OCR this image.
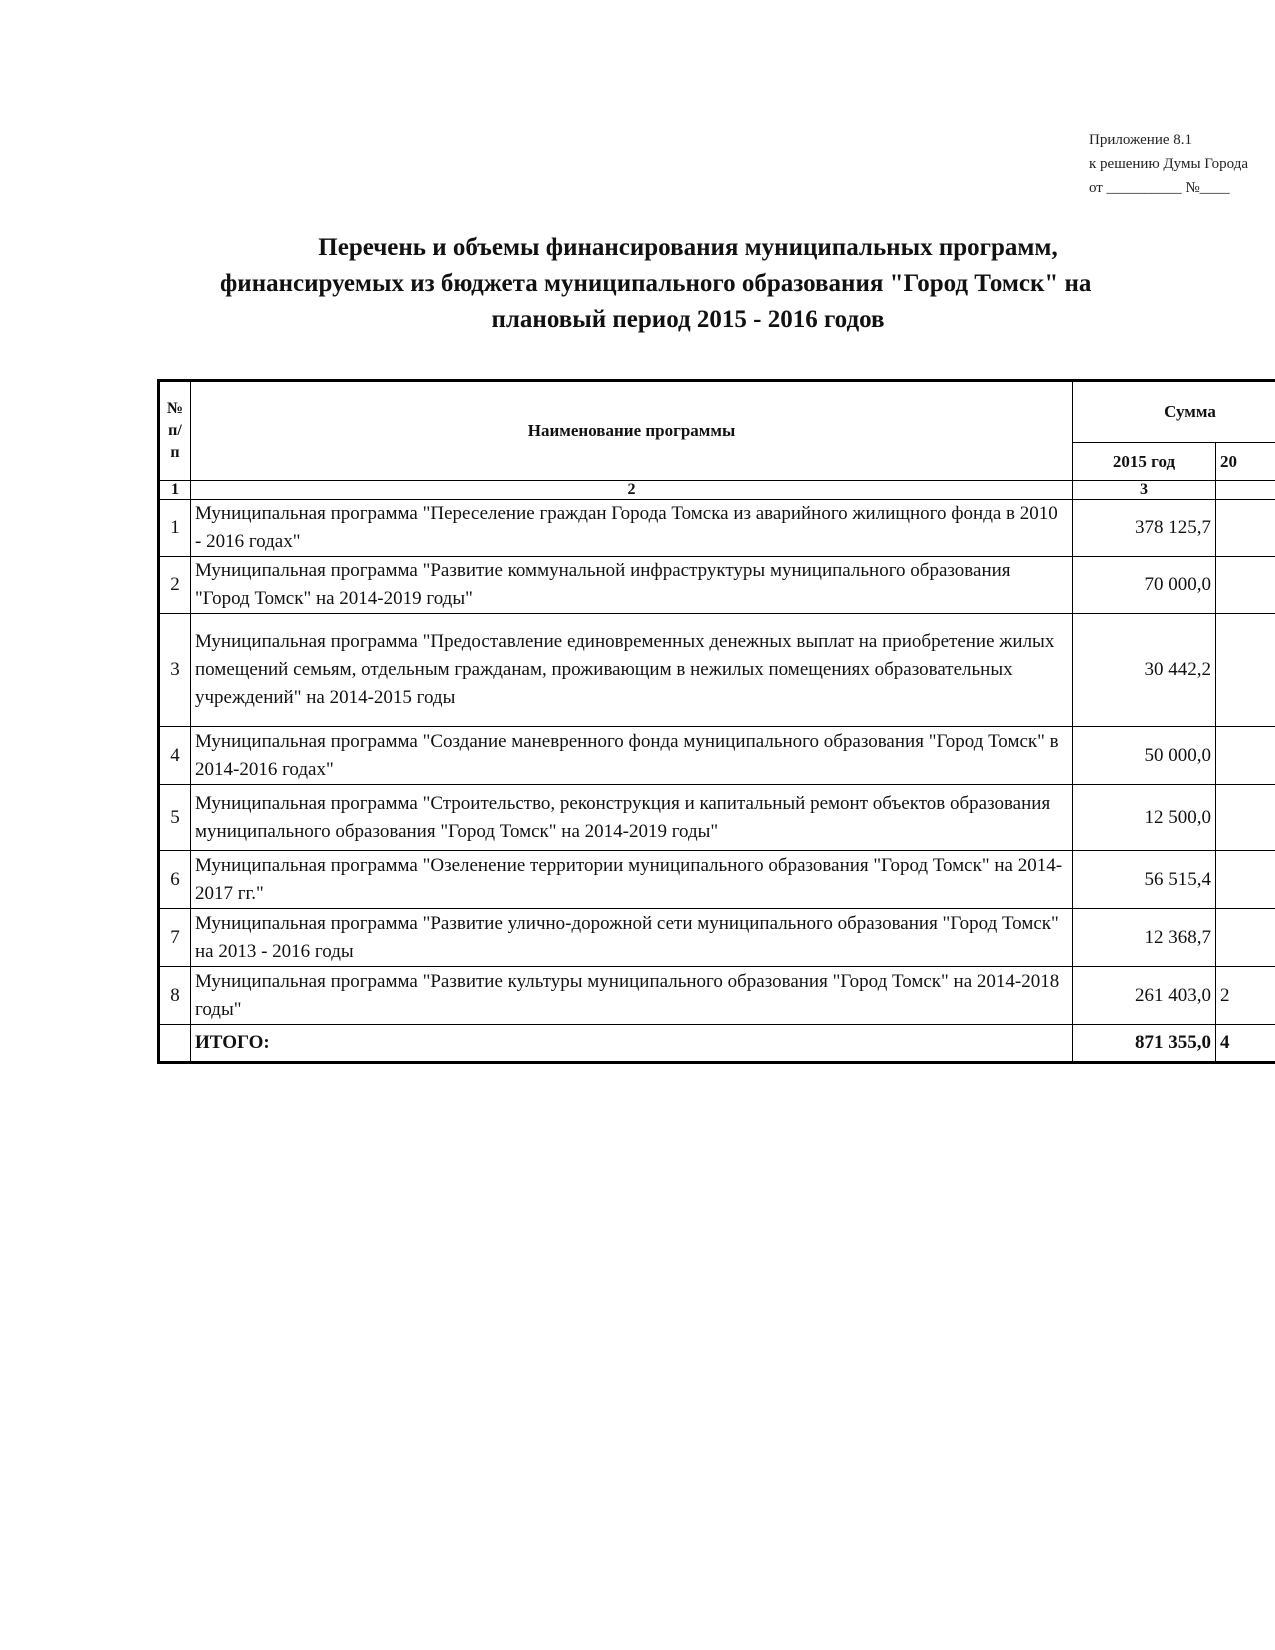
Приложение 8.1
к решению Думы Города
от __________ №____
Перечень и объемы финансирования муниципальных программ,
финансируемых из бюджета муниципального образования "Город Томск" на
плановый период 2015 - 2016 годов
№ п/п	Наименование программы	Сумма	
		2015 год	20
1	2	3	
1	Муниципальная программа "Переселение граждан Города Томска из аварийного жилищного фонда в 2010 - 2016 годах"	378 125,7	
2	Муниципальная программа "Развитие коммунальной инфраструктуры муниципального образования "Город Томск" на 2014-2019 годы"	70 000,0	
3	Муниципальная программа "Предоставление единовременных денежных выплат на приобретение жилых помещений семьям, отдельным гражданам, проживающим в нежилых помещениях образовательных учреждений" на 2014-2015 годы	30 442,2	
4	Муниципальная программа "Создание маневренного фонда муниципального образования "Город Томск" в 2014-2016 годах"	50 000,0	
5	Муниципальная программа "Строительство, реконструкция и капитальный ремонт объектов образования муниципального образования "Город Томск" на 2014-2019 годы"	12 500,0	
6	Муниципальная программа "Озеленение территории муниципального образования "Город Томск" на 2014-2017 гг."	56 515,4	
7	Муниципальная программа "Развитие улично-дорожной сети муниципального образования "Город Томск" на 2013 - 2016 годы	12 368,7	
8	Муниципальная программа "Развитие культуры муниципального образования "Город Томск" на 2014-2018 годы"	261 403,0	2
	ИТОГО:	871 355,0	4
